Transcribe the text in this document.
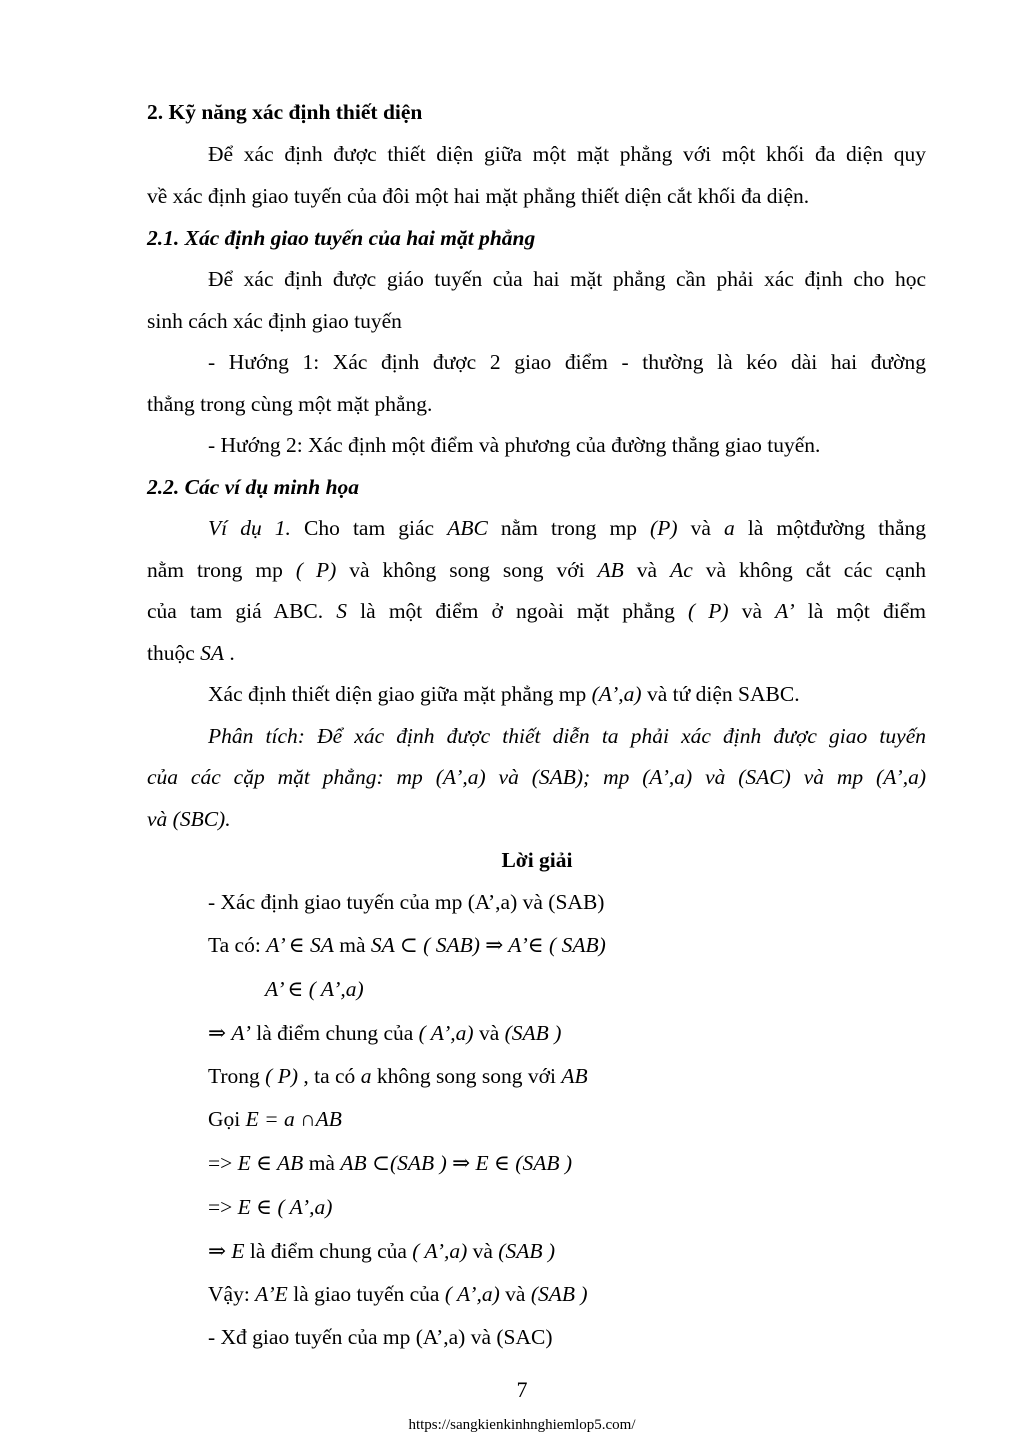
2. Kỹ năng xác định thiết diện
Để xác định được thiết diện giữa một mặt phẳng với một khối đa diện quy
về xác định giao tuyến của đôi một hai mặt phẳng thiết diện cắt khối đa diện.
2.1. Xác định giao tuyến của hai mặt phẳng
Để xác định được giáo tuyến của hai mặt phẳng cần phải xác định cho học
sinh cách xác định giao tuyến
- Hướng 1: Xác định được 2 giao điểm - thường là kéo dài hai đường
thẳng trong cùng một mặt phẳng.
- Hướng 2: Xác định một điểm và phương của đường thẳng giao tuyến.
2.2. Các ví dụ minh họa
Ví dụ 1. Cho tam giác ABC nằm trong mp (P) và a là mộtđường thẳng
nằm trong mp ( P) và không song song với AB và Ac và không cắt các cạnh
của tam giá ABC. S là một điểm ở ngoài mặt phẳng ( P) và A’ là một điểm
thuộc SA .
Xác định thiết diện giao giữa mặt phẳng mp (A’,a) và tứ diện SABC.
Phân tích: Để xác định được thiết diễn ta phải xác định được giao tuyến
của các cặp mặt phẳng: mp (A’,a) và (SAB); mp (A’,a) và (SAC) và mp (A’,a)
và (SBC).
Lời giải
- Xác định giao tuyến của mp (A’,a) và (SAB)
Ta có: A’ ∈ SA mà SA ⊂ ( SAB) ⇒ A’∈ ( SAB)
A’ ∈ ( A’,a)
⇒ A’ là điểm chung của ( A’,a) và (SAB )
Trong ( P) , ta có a không song song với AB
Gọi E = a ∩AB
=> E ∈ AB mà AB ⊂(SAB ) ⇒ E ∈ (SAB )
=> E ∈ ( A’,a)
⇒ E là điểm chung của ( A’,a) và (SAB )
Vậy: A’E là giao tuyến của ( A’,a) và (SAB )
- Xđ giao tuyến của mp (A’,a) và (SAC)
7
https://sangkienkinhnghiemlop5.com/
